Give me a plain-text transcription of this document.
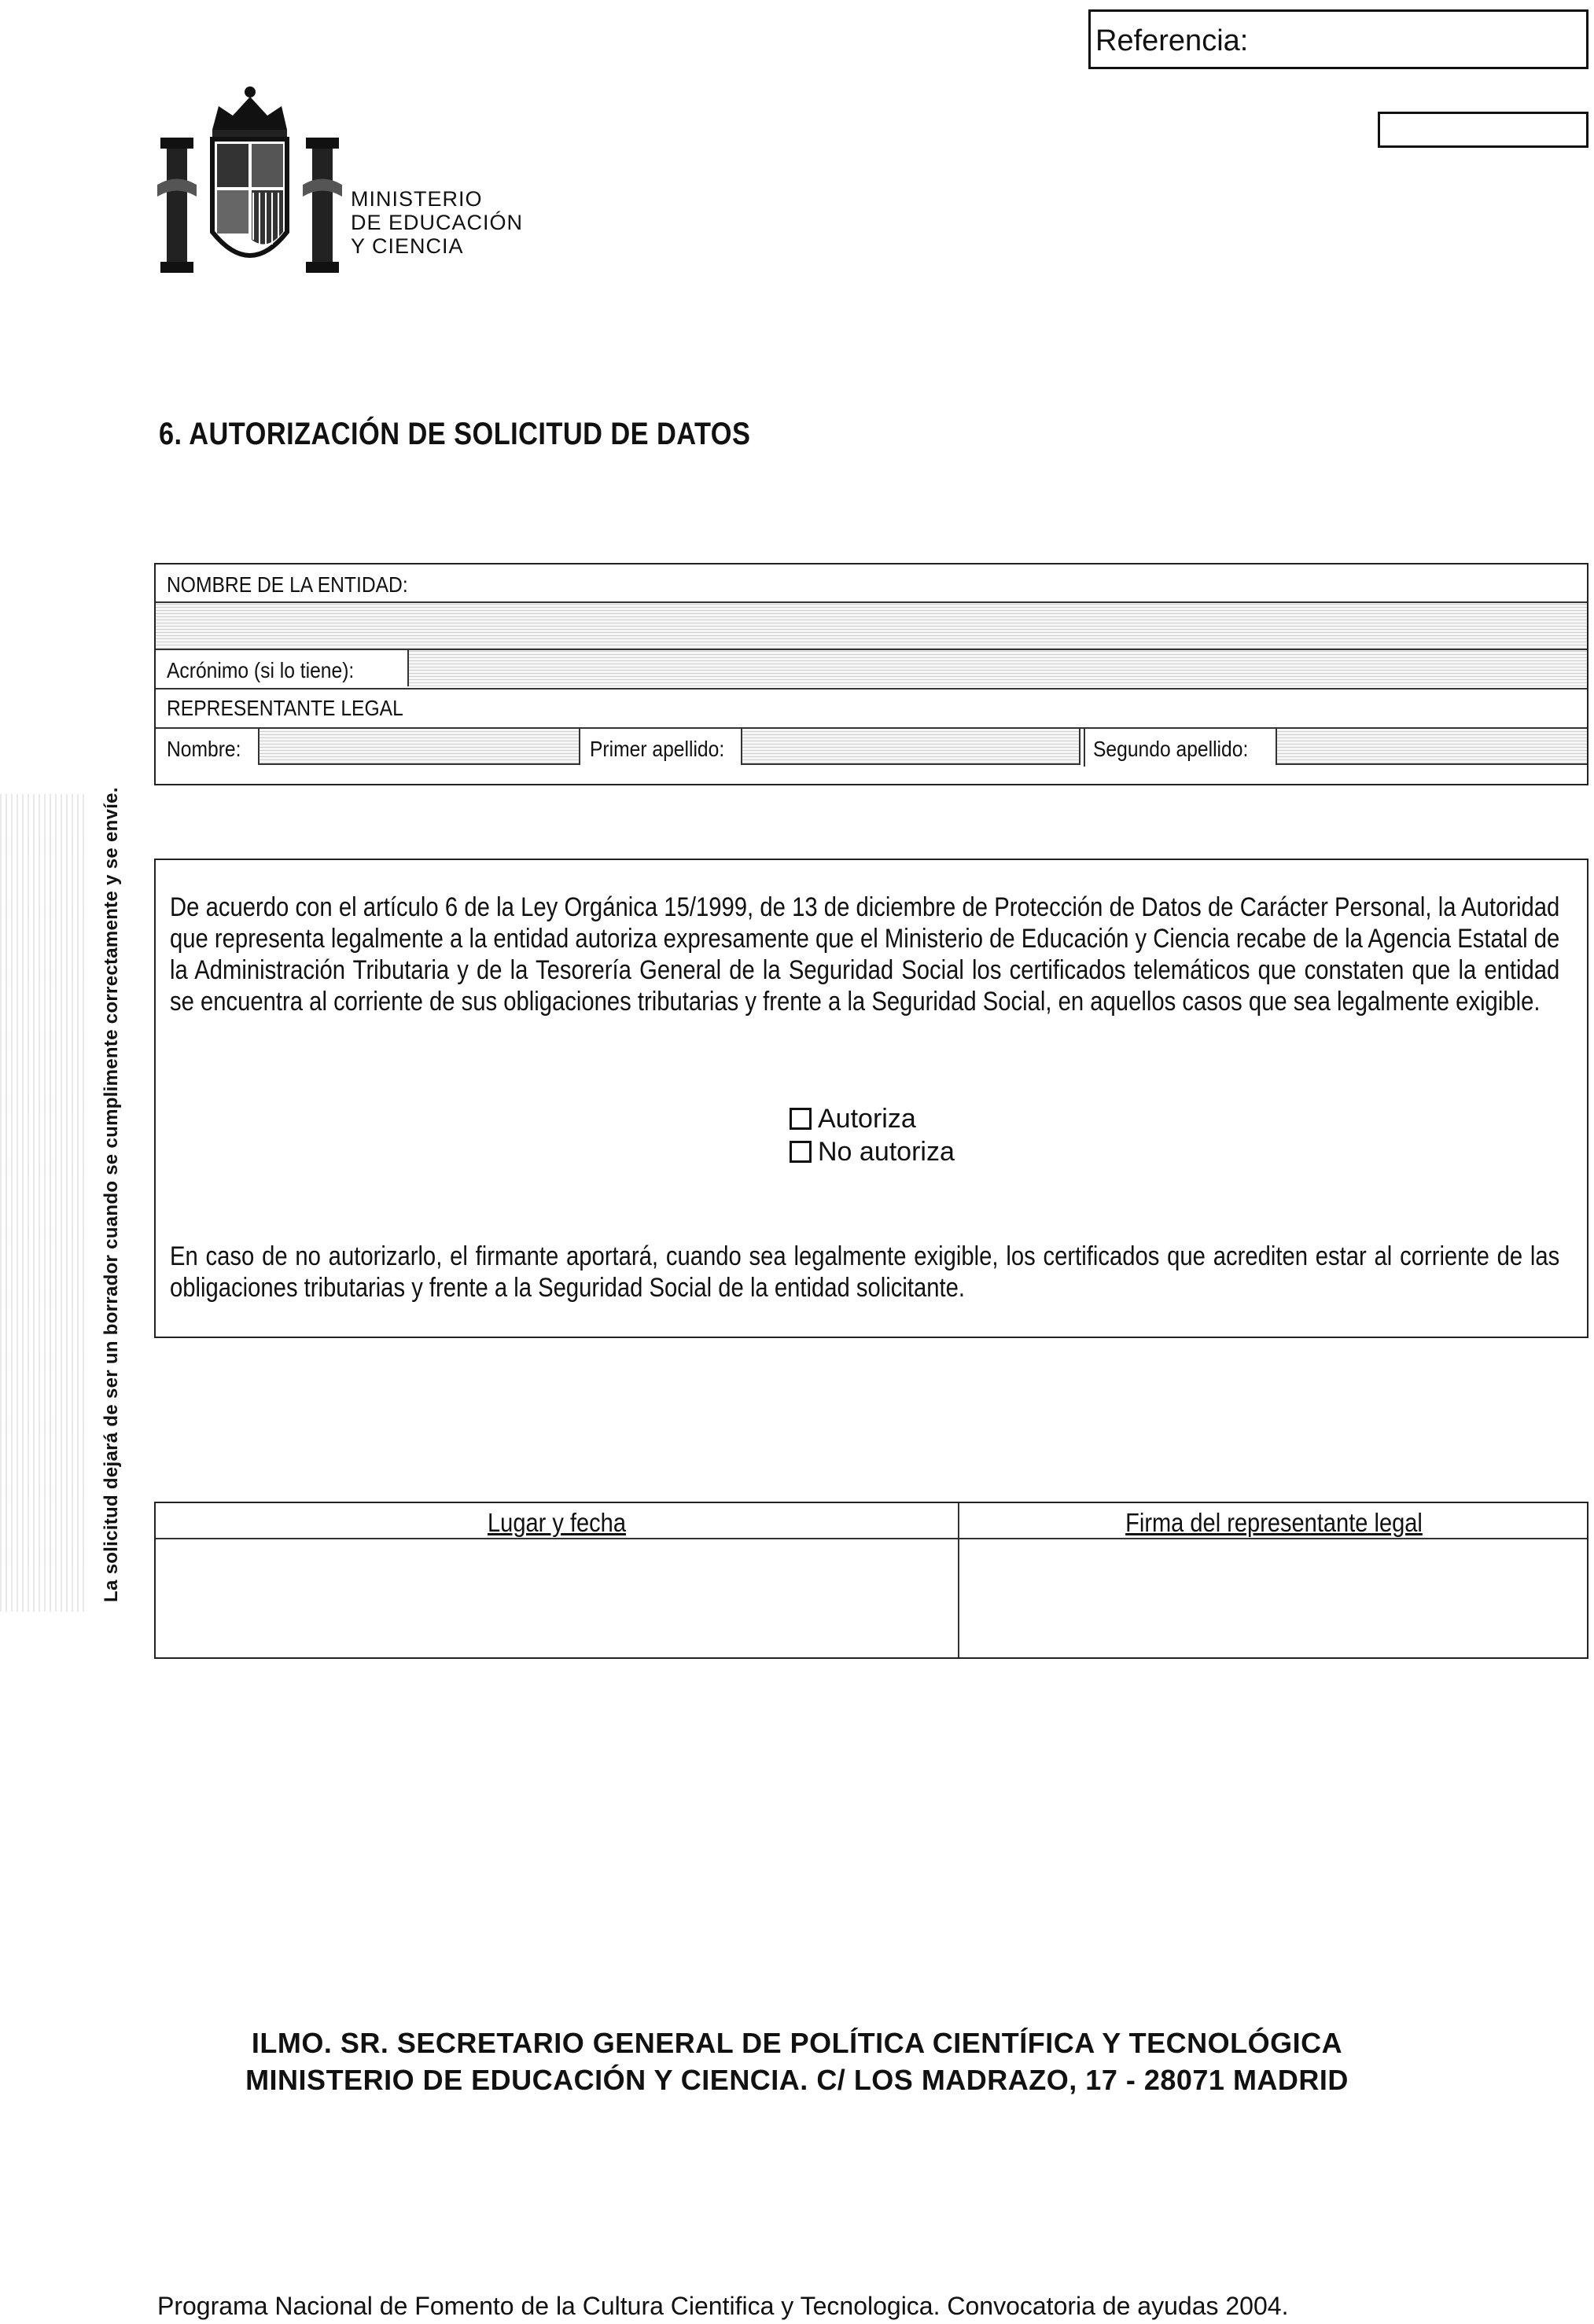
Referencia:
MINISTERIO
DE EDUCACIÓN
Y CIENCIA
6. AUTORIZACIÓN DE SOLICITUD DE DATOS
NOMBRE DE LA ENTIDAD:
Acrónimo (si lo tiene):
REPRESENTANTE LEGAL
Nombre:	Primer apellido:	Segundo apellido:
De acuerdo con el artículo 6 de la Ley Orgánica 15/1999, de 13 de diciembre de Protección de Datos de Carácter Personal, la Autoridad que representa legalmente a la entidad autoriza expresamente que el Ministerio de Educación y Ciencia recabe de la Agencia Estatal de la Administración Tributaria y de la Tesorería General de la Seguridad Social los certificados telemáticos que constaten que la entidad se encuentra al corriente de sus obligaciones tributarias y frente a la Seguridad Social, en aquellos casos que sea legalmente exigible.
Autoriza
No autoriza
En caso de no autorizarlo, el firmante aportará, cuando sea legalmente exigible, los certificados que acrediten estar al corriente de las obligaciones tributarias y frente a la Seguridad Social de la entidad solicitante.
Lugar y fecha	Firma del representante legal
ILMO. SR. SECRETARIO GENERAL DE POLÍTICA CIENTÍFICA Y TECNOLÓGICA
MINISTERIO DE EDUCACIÓN Y CIENCIA. C/ LOS MADRAZO, 17 - 28071 MADRID
Programa Nacional de Fomento de la Cultura Cientifica y Tecnologica. Convocatoria de ayudas 2004.
La solicitud dejará de ser un borrador cuando se cumplimente correctamente y se envíe.
